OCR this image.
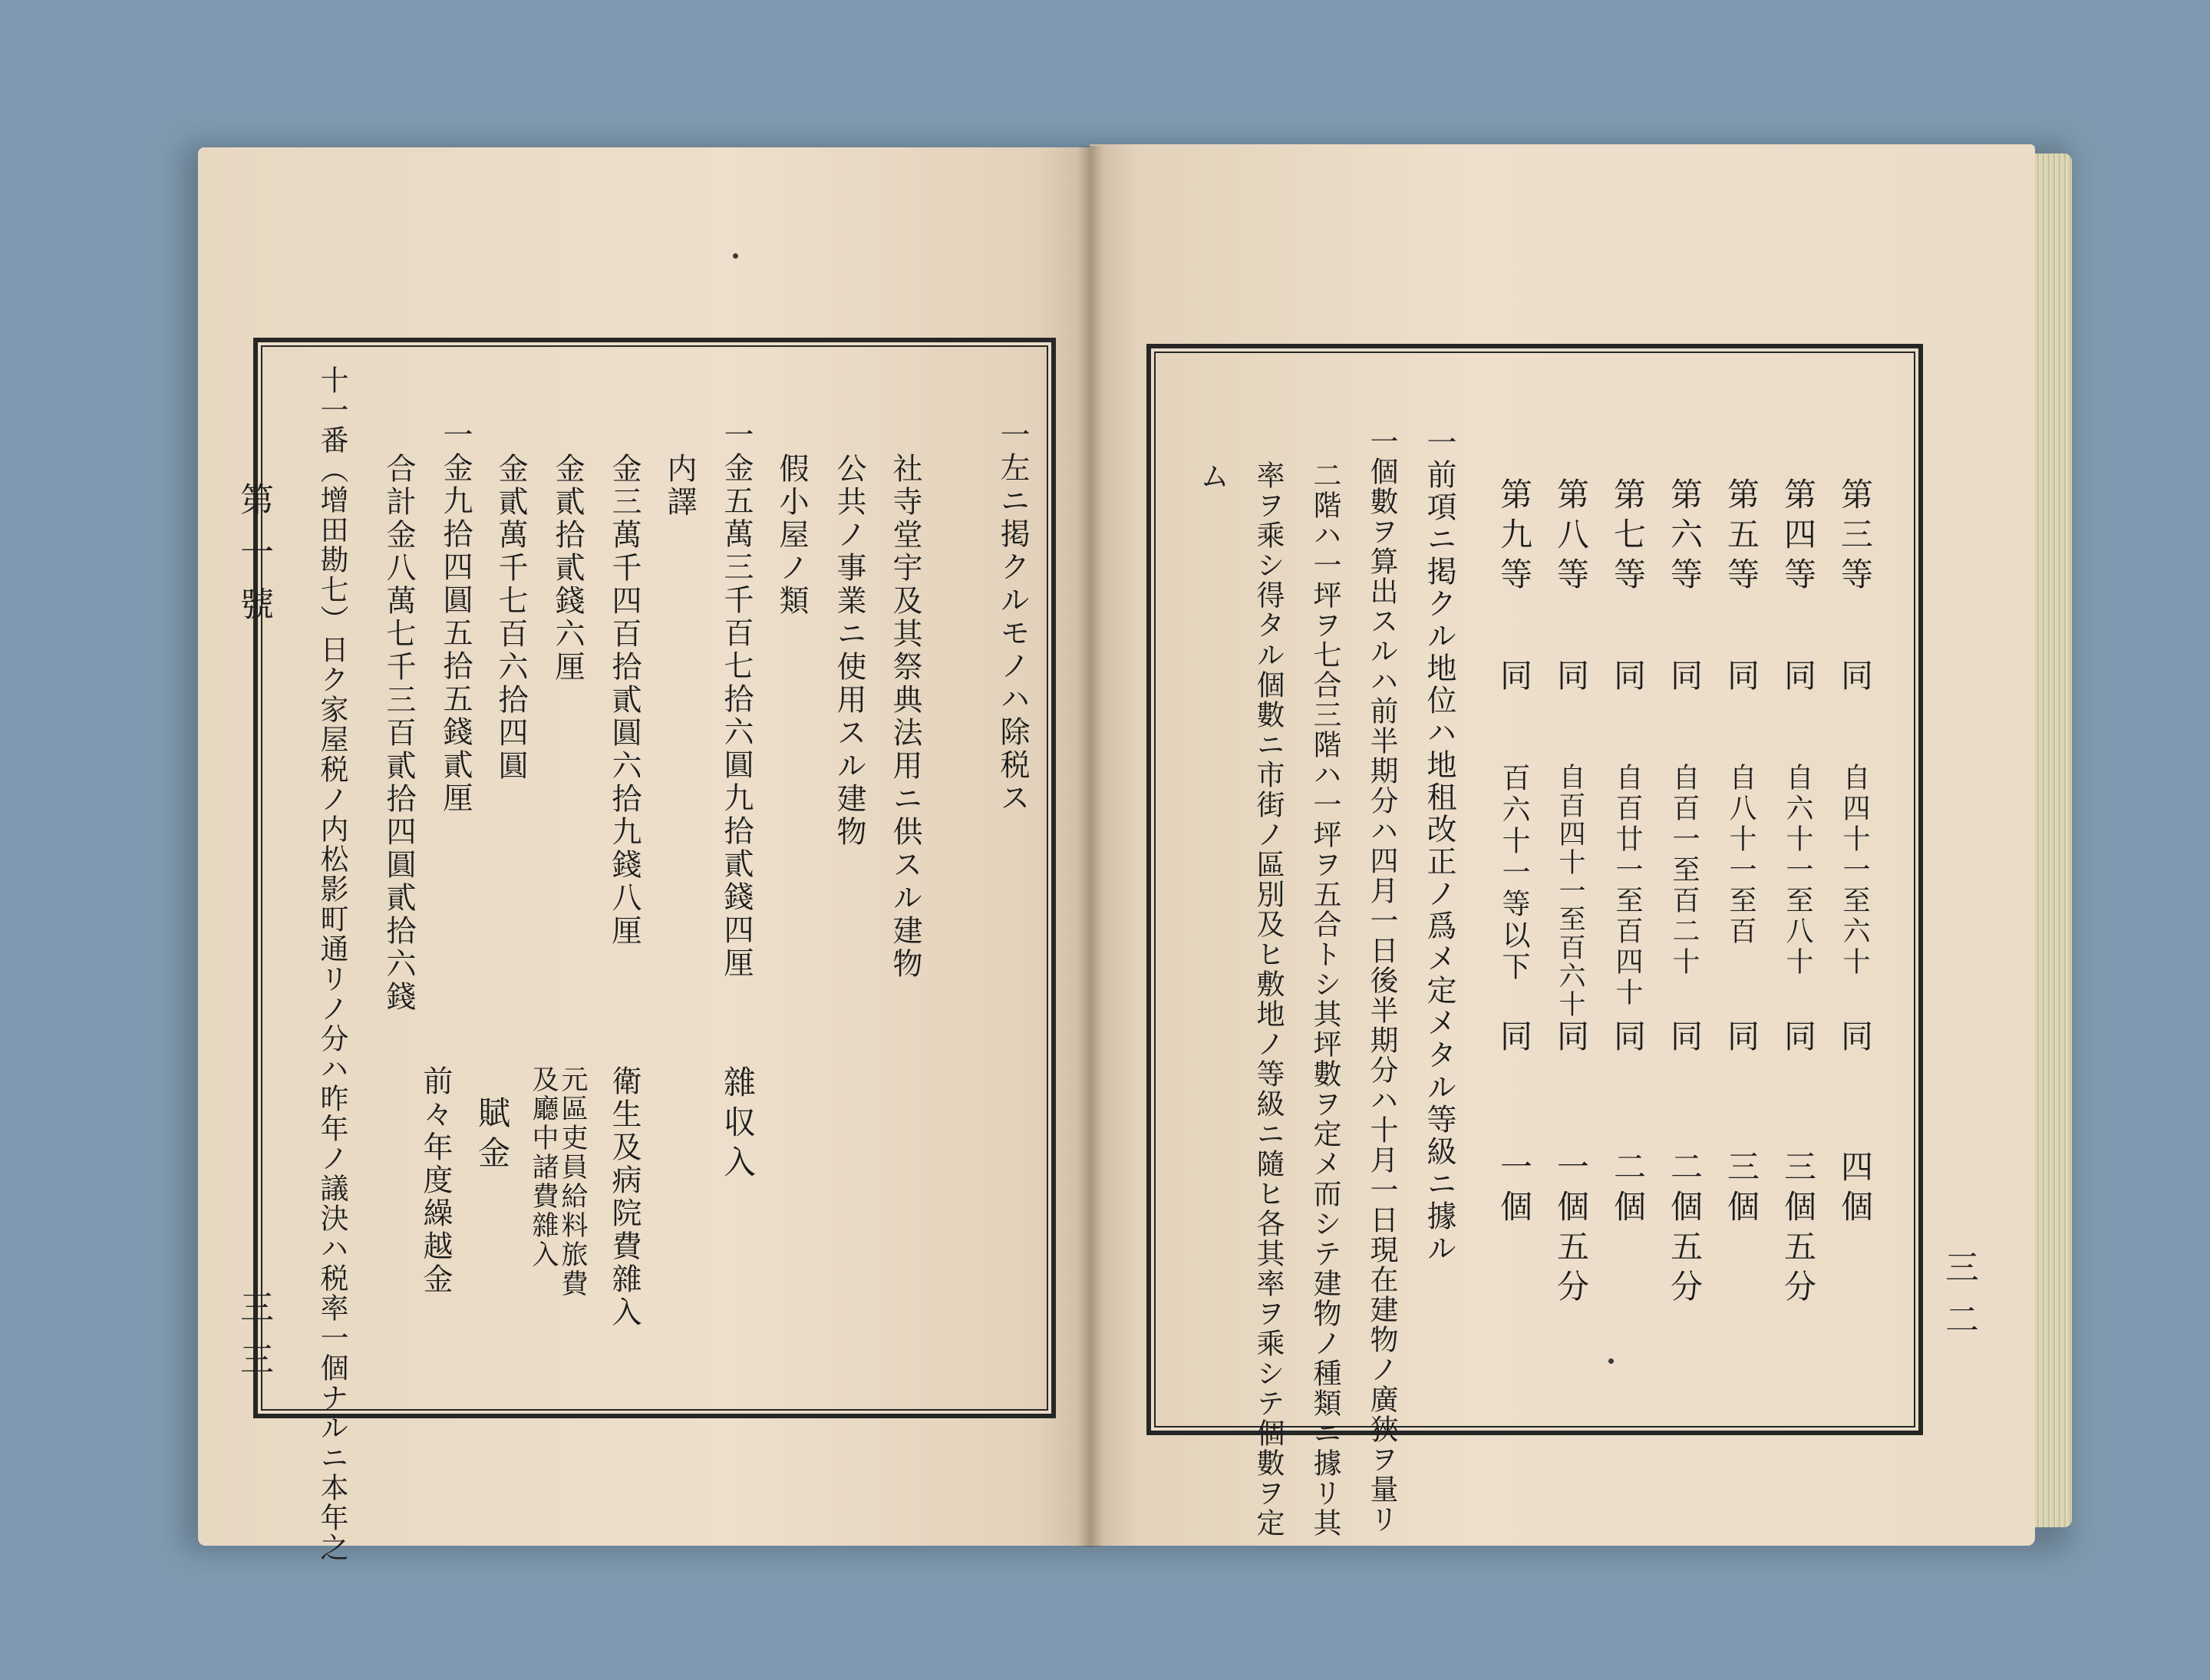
第一號
三三
一左ニ掲クルモノハ除税ス
社寺堂宇及其祭典法用ニ供スル建物
公共ノ事業ニ使用スル建物
假小屋ノ類
一金五萬三千百七拾六圓九拾貳錢四厘
雜収入
内譯
金三萬千四百拾貳圓六拾九錢八厘
衛生及病院費雜入
金貳拾貳錢六厘
元區吏員給料旅費
及廳中諸費雜入
金貳萬千七百六拾四圓
賦金
一金九拾四圓五拾五錢貳厘
前々年度繰越金
合計金八萬七千三百貳拾四圓貳拾六錢
十一番（增田勘七）日ク家屋税ノ内松影町通リノ分ハ昨年ノ議決ハ税率一個ナルニ本年之	三二
第三等
同
自四十一至六十
同
四個
第四等
同
自六十一至八十
同
三個五分
第五等
同
自八十一至百
同
三個
第六等
同
自百一至百二十
同
二個五分
第七等
同
自百廿一至百四十
同
二個
第八等
同
自百四十一至百六十
同
一個五分
第九等
同
百六十一等以下
同
一個
一前項ニ掲クル地位ハ地租改正ノ爲メ定メタル等級ニ據ル
一個數ヲ算出スルハ前半期分ハ四月一日後半期分ハ十月一日現在建物ノ廣狹ヲ量リ
二階ハ一坪ヲ七合三階ハ一坪ヲ五合トシ其坪數ヲ定メ而シテ建物ノ種類ニ據リ其
率ヲ乘シ得タル個數ニ市街ノ區別及ヒ敷地ノ等級ニ隨ヒ各其率ヲ乘シテ個數ヲ定
ム
